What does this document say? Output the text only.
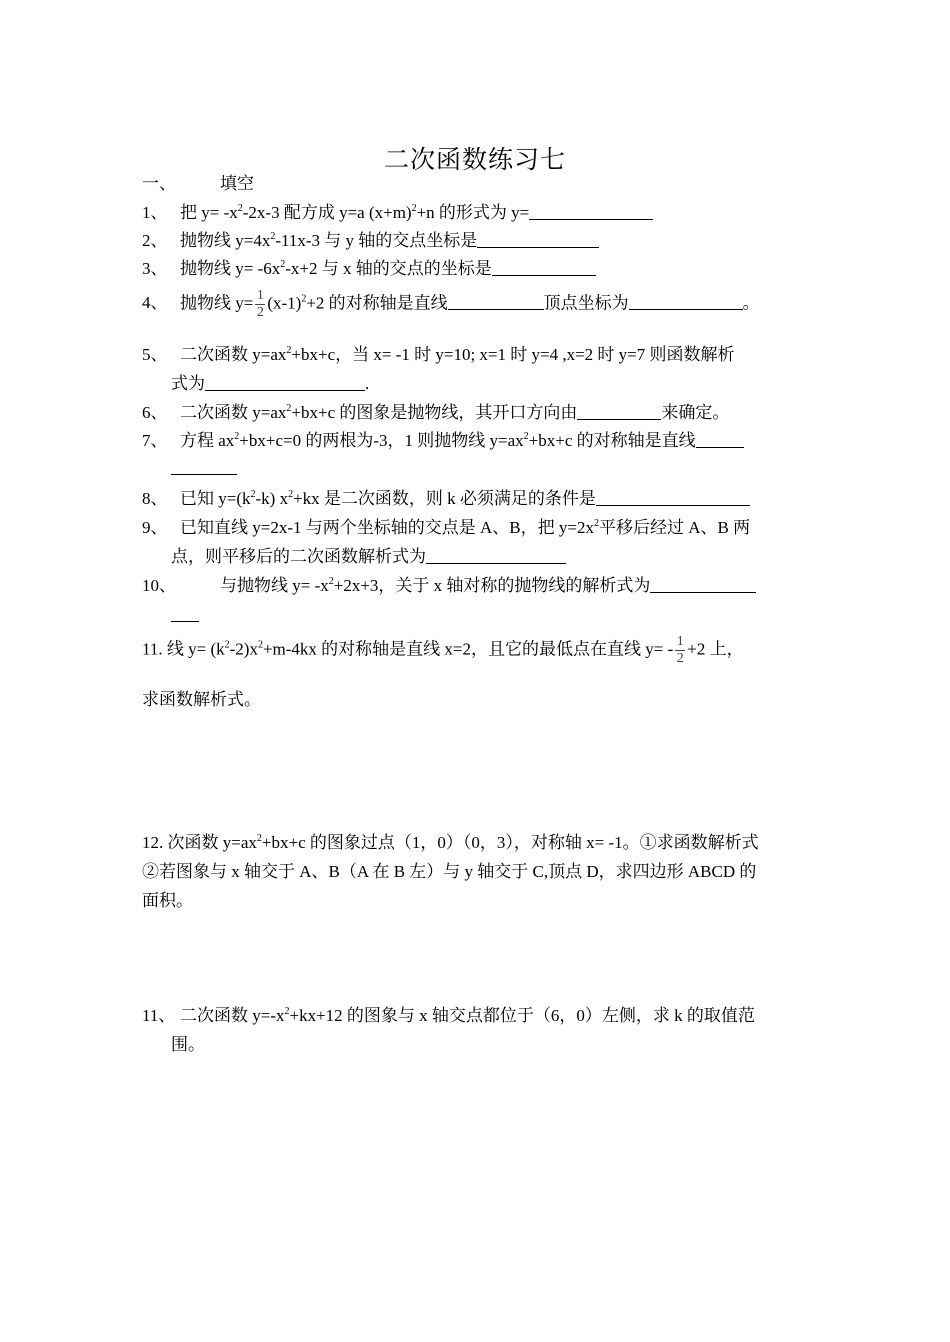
二次函数练习七
一、	填空
1、 把 $y= -x^2-2x-3$ 配方成 y=a $(x+m)^2+n$ 的形式为 y=
2、 抛物线 $y=4x^2-11x-3$ 与 y 轴的交点坐标是
3、 抛物线 $y= -6x^2-x+2$ 与 x 轴的交点的坐标是
4、 抛物线 $y= \frac{1}{2} (x-1)^2+2$ 的对称轴是直线	顶点坐标为	。
5、 二次函数 $y=ax^2+bx+c$，当 x= -1 时 y=10; x=1 时 y=4 ,x=2 时 y=7 则函数解析
式为	.
6、 二次函数 $y=ax^2+bx+c$ 的图象是抛物线，其开口方向由	来确定。
7、 方程 $ax^2+bx+c=0$ 的两根为-3，1 则抛物线 $y=ax^2+bx+c$ 的对称轴是直线
8、 已知 $y=(k^2-k)$ $x^2+kx$ 是二次函数，则 k 必须满足的条件是
9、 已知直线 y=2x-1 与两个坐标轴的交点是 A、B，把 $y=2x^2$平移后经过 A、B 两
点，则平移后的二次函数解析式为
10、	与抛物线 $y= -x^2+2x+3$，关于 x 轴对称的抛物线的解析式为
11. 线 $y= (k^2-2)x^2+m-4kx$ 的对称轴是直线 x=2，且它的最低点在直线 $y= - \frac{1}{2} +2$ 上，
求函数解析式。
12. 次函数 $y=ax^2+bx+c$ 的图象过点（1，0）（0，3），对称轴 x= -1。①求函数解析式
②若图象与 x 轴交于 A、B（A 在 B 左）与 y 轴交于 C,顶点 D，求四边形 ABCD 的
面积。
11、 二次函数 $y=-x^2+kx+12$ 的图象与 x 轴交点都位于（6，0）左侧，求 k 的取值范
围。
